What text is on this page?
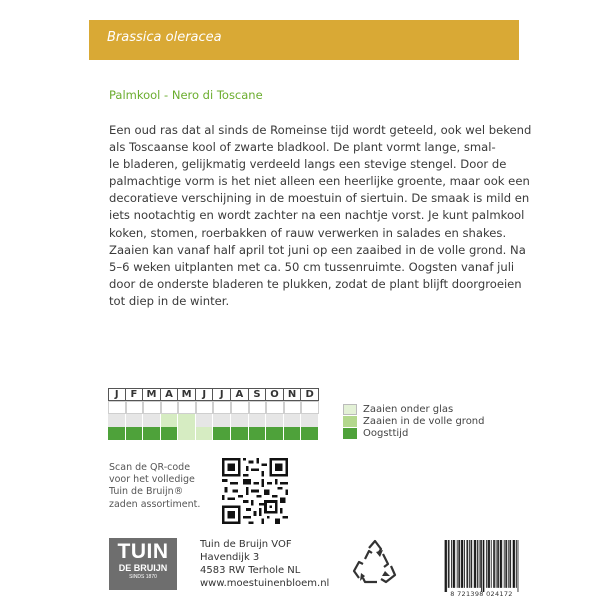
Brassica oleracea
Palmkool - Nero di Toscane
Een oud ras dat al sinds de Romeinse tijd wordt geteeld, ook wel bekend
als Toscaanse kool of zwarte bladkool. De plant vormt lange, smal-
le bladeren, gelijkmatig verdeeld langs een stevige stengel. Door de
palmachtige vorm is het niet alleen een heerlijke groente, maar ook een
decoratieve verschijning in de moestuin of siertuin. De smaak is mild en
iets nootachtig en wordt zachter na een nachtje vorst. Je kunt palmkool
koken, stomen, roerbakken of rauw verwerken in salades en shakes.
Zaaien kan vanaf half april tot juni op een zaaibed in de volle grond. Na
5–6 weken uitplanten met ca. 50 cm tussenruimte. Oogsten vanaf juli
door de onderste bladeren te plukken, zodat de plant blijft doorgroeien
tot diep in de winter.
J	F M A M	J	J	A	S O N D
Zaaien onder glas
Zaaien in de volle grond
Oogsttijd
Scan de QR-code
voor het volledige
Tuin de Bruijn®
zaden assortiment.
TUIN
DE BRUIJN
SINDS 1870
Tuin de Bruijn VOF
Havendijk 3
4583 RW Terhole NL
www.moestuinenbloem.nl
8 721398 024172
